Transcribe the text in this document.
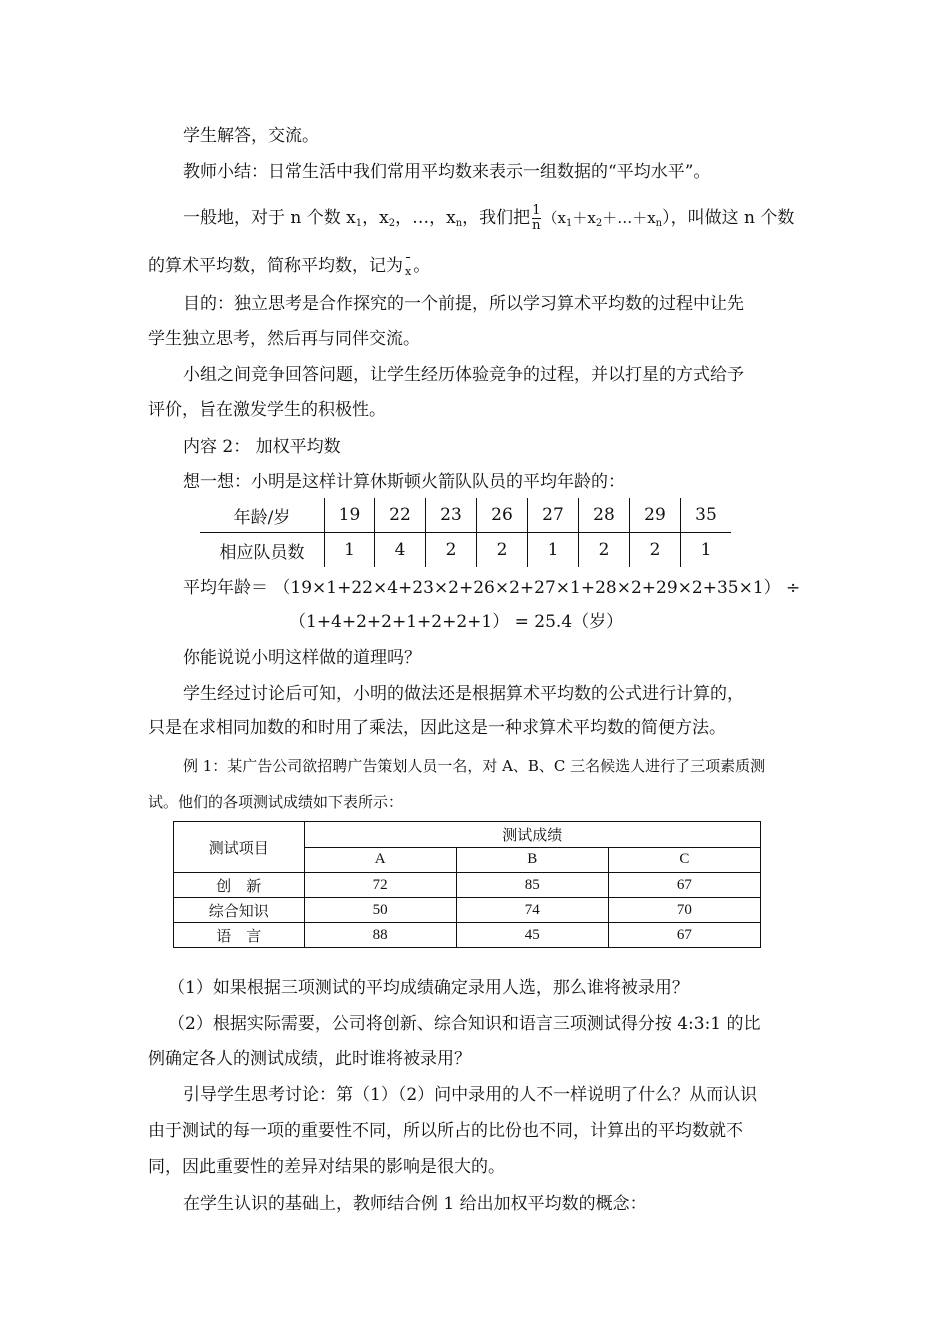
学生解答，交流。
教师小结：日常生活中我们常用平均数来表示一组数据的“平均水平”。
一般地，对于 n 个数 $x_1$，$x_2$，…，$x_n$，我们把 $\frac{1}{n}$ $(x_1+x_2+\dots+x_n)$，叫做这 n 个数
的算术平均数，简称平均数，记为 x 。
目的：独立思考是合作探究的一个前提，所以学习算术平均数的过程中让先
学生独立思考，然后再与同伴交流。
小组之间竞争回答问题，让学生经历体验竞争的过程，并以打星的方式给予
评价，旨在激发学生的积极性。
内容 2： 加权平均数
想一想：小明是这样计算休斯顿火箭队队员的平均年龄的：
年龄/岁	19	22	23	26	27	28	29	35
相应队员数	1	4	2	2	1	2	2	1
平均年龄＝ （19×1+22×4+23×2+26×2+27×1+28×2+29×2+35×1） ÷
（1+4+2+2+1+2+2+1） = 25.4（岁）
你能说说小明这样做的道理吗？
学生经过讨论后可知，小明的做法还是根据算术平均数的公式进行计算的，
只是在求相同加数的和时用了乘法，因此这是一种求算术平均数的简便方法。
例 1：某广告公司欲招聘广告策划人员一名，对 A、B、C 三名候选人进行了三项素质测
试。他们的各项测试成绩如下表所示：
测试项目	测试成绩		
	A	B	C
创    新	72	85	67
综合知识	50	74	70
语    言	88	45	67
（1）如果根据三项测试的平均成绩确定录用人选，那么谁将被录用？
（2）根据实际需要，公司将创新、综合知识和语言三项测试得分按 4:3:1 的比
例确定各人的测试成绩，此时谁将被录用？
引导学生思考讨论：第（1）（2）问中录用的人不一样说明了什么？从而认识
由于测试的每一项的重要性不同，所以所占的比份也不同，计算出的平均数就不
同，因此重要性的差异对结果的影响是很大的。
在学生认识的基础上，教师结合例 1 给出加权平均数的概念：
